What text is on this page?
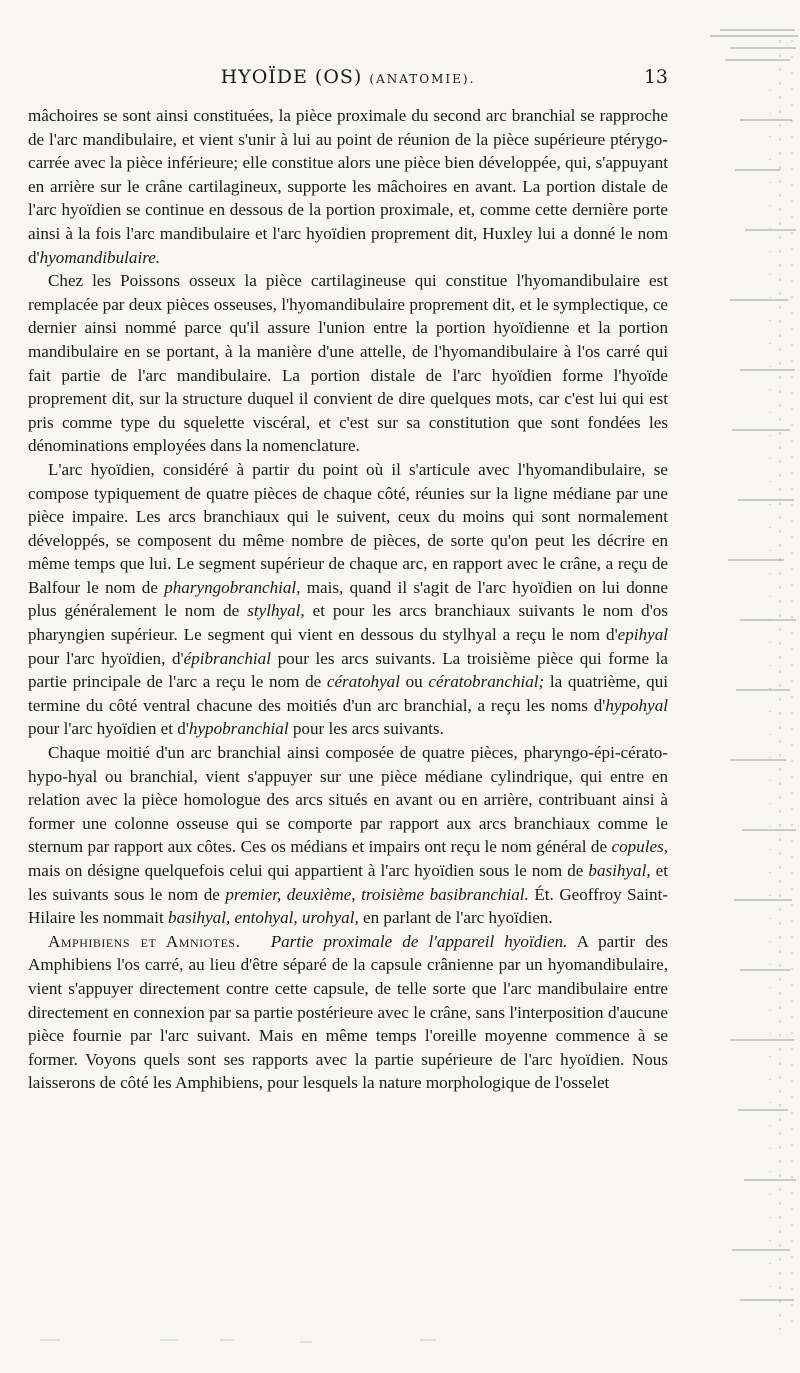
HYOÏDE (OS) (ANATOMIE).	13

mâchoires se sont ainsi constituées, la pièce proximale du second arc branchial se rapproche de l'arc mandibulaire, et vient s'unir à lui au point de réunion de la pièce supérieure ptérygo-carrée avec la pièce inférieure; elle constitue alors une pièce bien développée, qui, s'appuyant en arrière sur le crâne cartilagineux, supporte les mâchoires en avant. La portion distale de l'arc hyoïdien se continue en dessous de la portion proximale, et, comme cette dernière porte ainsi à la fois l'arc mandibulaire et l'arc hyoïdien proprement dit, Huxley lui a donné le nom d'hyomandibulaire.

Chez les Poissons osseux la pièce cartilagineuse qui constitue l'hyomandibulaire est remplacée par deux pièces osseuses, l'hyomandibulaire proprement dit, et le symplectique, ce dernier ainsi nommé parce qu'il assure l'union entre la portion hyoïdienne et la portion mandibulaire en se portant, à la manière d'une attelle, de l'hyomandibulaire à l'os carré qui fait partie de l'arc mandibulaire. La portion distale de l'arc hyoïdien forme l'hyoïde proprement dit, sur la structure duquel il convient de dire quelques mots, car c'est lui qui est pris comme type du squelette viscéral, et c'est sur sa constitution que sont fondées les dénominations employées dans la nomenclature.

L'arc hyoïdien, considéré à partir du point où il s'articule avec l'hyomandibulaire, se compose typiquement de quatre pièces de chaque côté, réunies sur la ligne médiane par une pièce impaire. Les arcs branchiaux qui le suivent, ceux du moins qui sont normalement développés, se composent du même nombre de pièces, de sorte qu'on peut les décrire en même temps que lui. Le segment supérieur de chaque arc, en rapport avec le crâne, a reçu de Balfour le nom de pharyngobranchial, mais, quand il s'agit de l'arc hyoïdien on lui donne plus généralement le nom de stylhyal, et pour les arcs branchiaux suivants le nom d'os pharyngien supérieur. Le segment qui vient en dessous du stylhyal a reçu le nom d'epihyal pour l'arc hyoïdien, d'épibranchial pour les arcs suivants. La troisième pièce qui forme la partie principale de l'arc a reçu le nom de cératohyal ou cératobranchial; la quatrième, qui termine du côté ventral chacune des moitiés d'un arc branchial, a reçu les noms d'hypohyal pour l'arc hyoïdien et d'hypobranchial pour les arcs suivants.

Chaque moitié d'un arc branchial ainsi composée de quatre pièces, pharyngo-épi-cérato-hypo-hyal ou branchial, vient s'appuyer sur une pièce médiane cylindrique, qui entre en relation avec la pièce homologue des arcs situés en avant ou en arrière, contribuant ainsi à former une colonne osseuse qui se comporte par rapport aux arcs branchiaux comme le sternum par rapport aux côtes. Ces os médians et impairs ont reçu le nom général de copules, mais on désigne quelquefois celui qui appartient à l'arc hyoïdien sous le nom de basihyal, et les suivants sous le nom de premier, deuxième, troisième basibranchial. Ét. Geoffroy Saint-Hilaire les nommait basihyal, entohyal, urohyal, en parlant de l'arc hyoïdien.

Amphibiens et Amniotes. Partie proximale de l'appareil hyoïdien. A partir des Amphibiens l'os carré, au lieu d'être séparé de la capsule crânienne par un hyomandibulaire, vient s'appuyer directement contre cette capsule, de telle sorte que l'arc mandibulaire entre directement en connexion par sa partie postérieure avec le crâne, sans l'interposition d'aucune pièce fournie par l'arc suivant. Mais en même temps l'oreille moyenne commence à se former. Voyons quels sont ses rapports avec la partie supérieure de l'arc hyoïdien. Nous laisserons de côté les Amphibiens, pour lesquels la nature morphologique de l'osselet
